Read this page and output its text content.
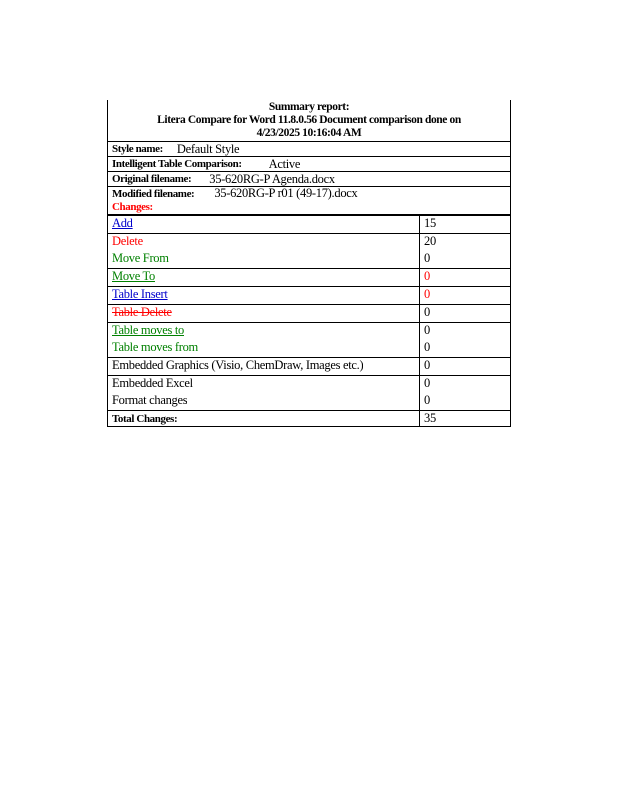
Summary report:
Litera Compare for Word 11.8.0.56 Document comparison done on
4/23/2025 10:16:04 AM
Style name: Default Style
Intelligent Table Comparison: Active
Original filename: 35-620RG-P Agenda.docx
Modified filename: 35-620RG-P r01 (49-17).docx
Changes:
Add	15
Delete	20
Move From	0
Move To	0
Table Insert	0
Table Delete	0
Table moves to	0
Table moves from	0
Embedded Graphics (Visio, ChemDraw, Images etc.)	0
Embedded Excel	0
Format changes	0
Total Changes:	35
